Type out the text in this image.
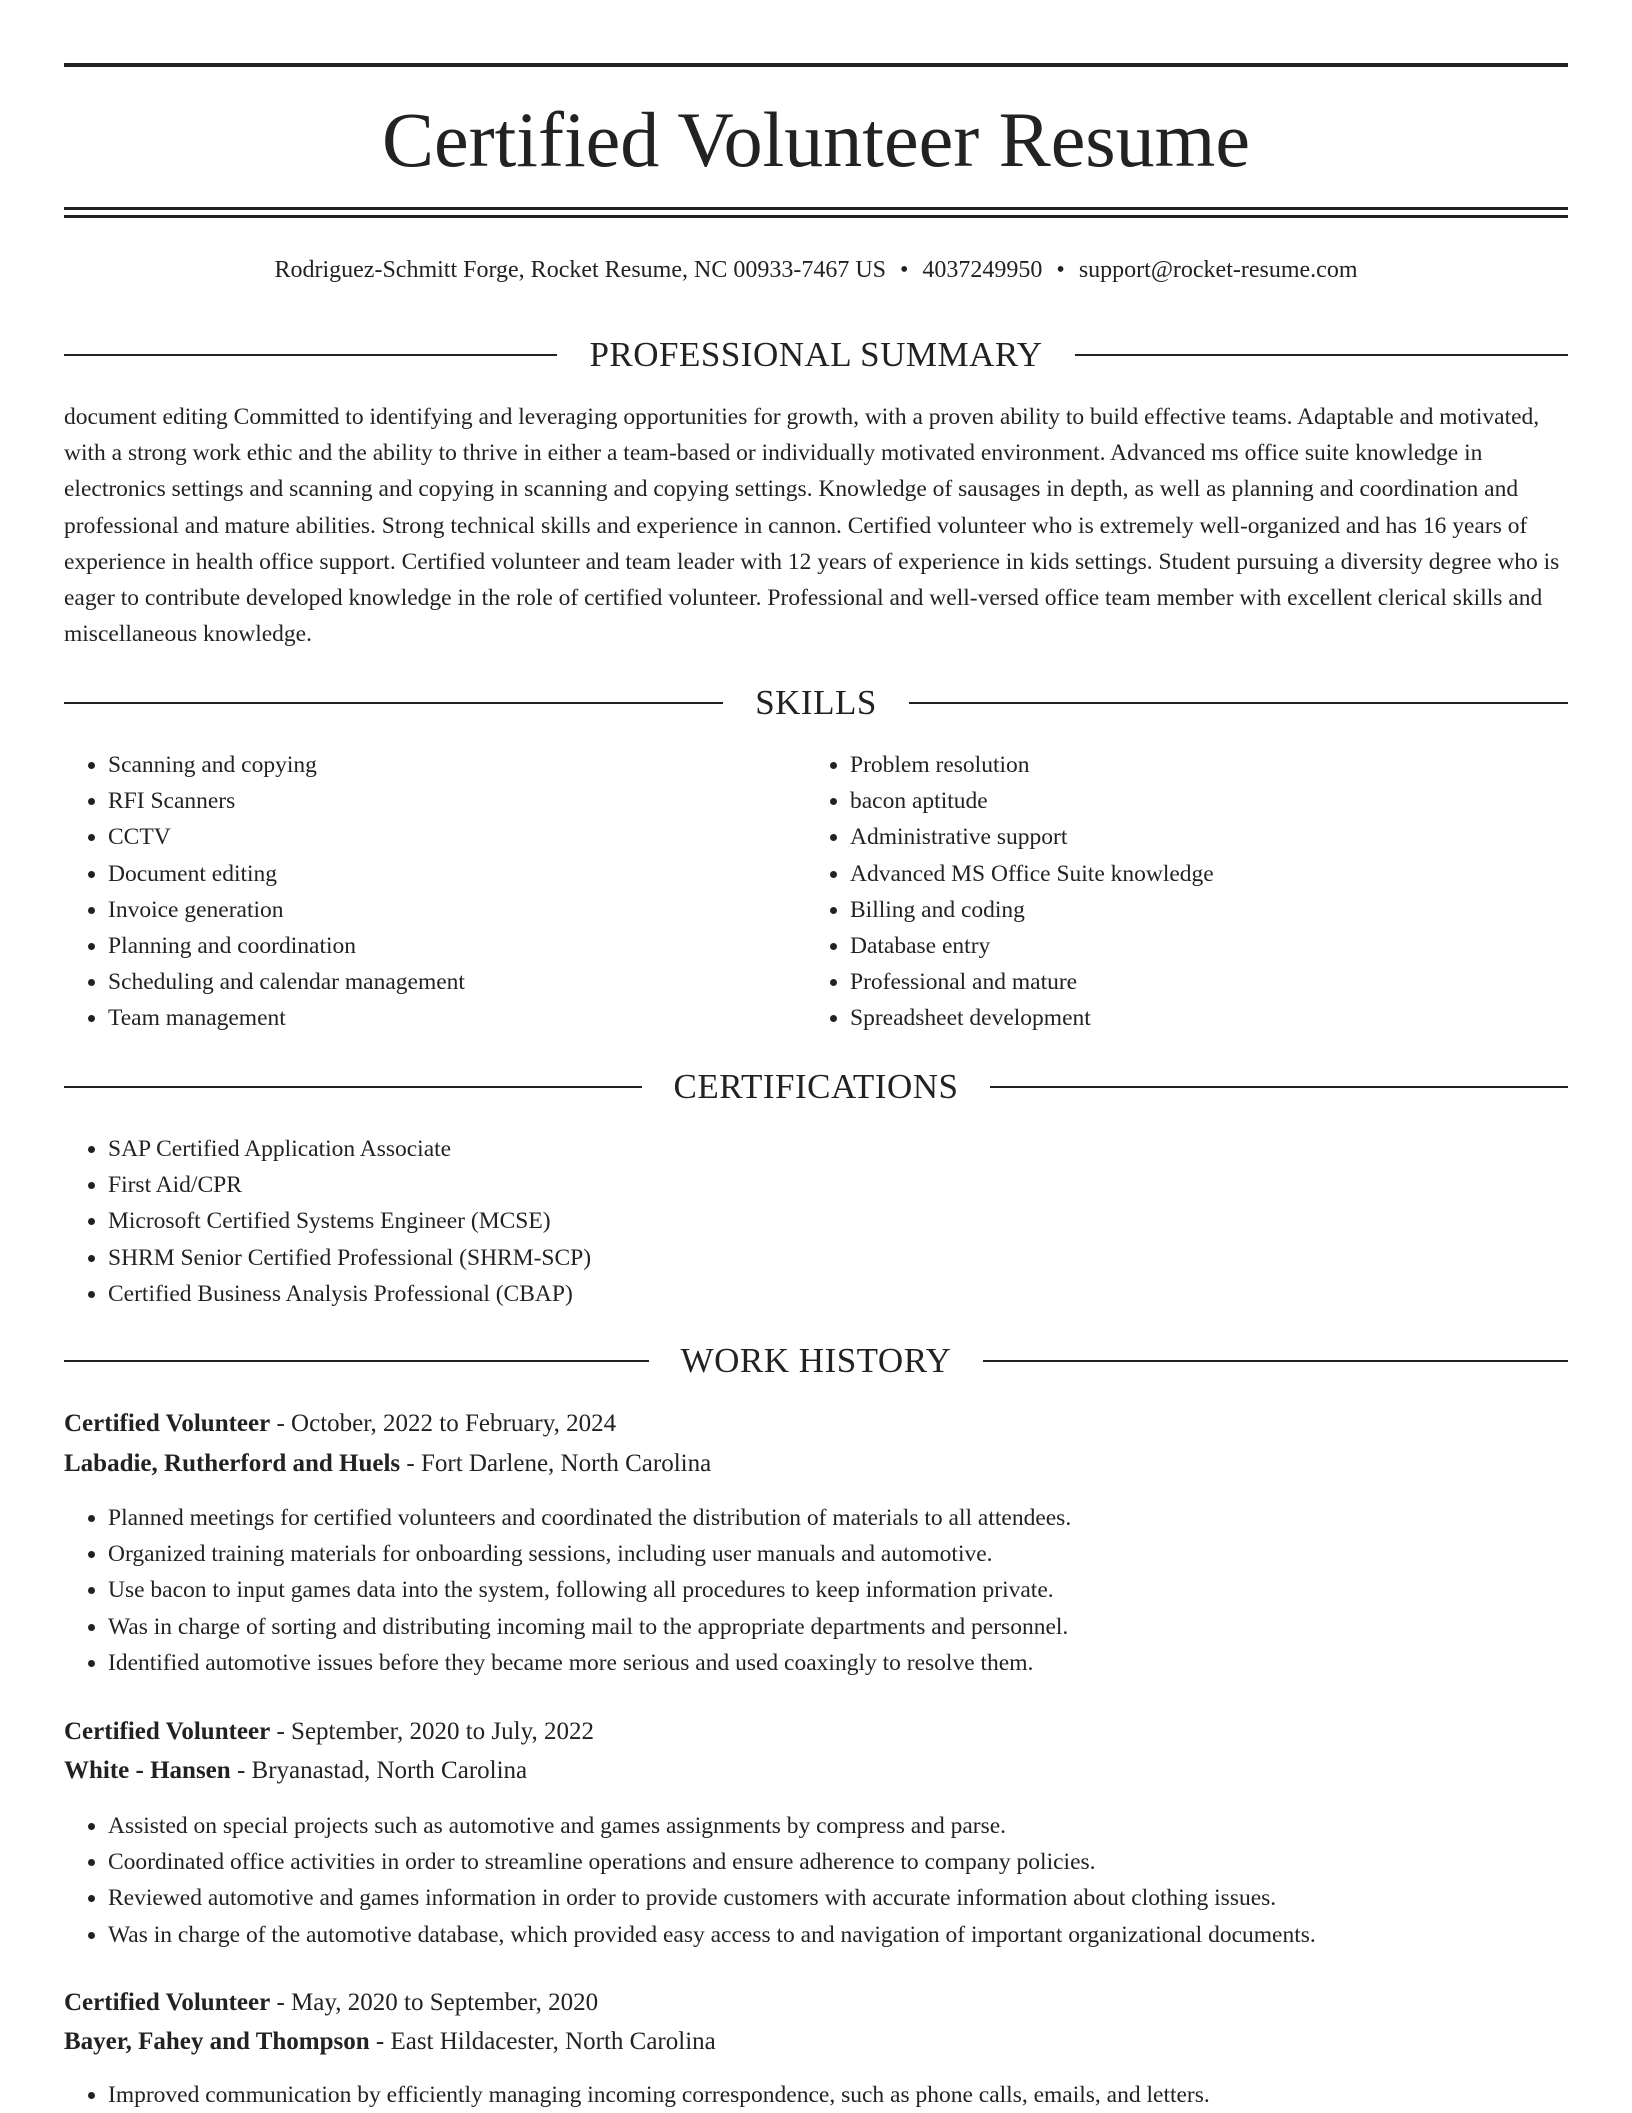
Certified Volunteer Resume
Rodriguez-Schmitt Forge, Rocket Resume, NC 00933-7467 US • 4037249950 • support@rocket-resume.com
PROFESSIONAL SUMMARY

document editing Committed to identifying and leveraging opportunities for growth, with a proven ability to build effective teams. Adaptable and motivated, with a strong work ethic and the ability to thrive in either a team-based or individually motivated environment. Advanced ms office suite knowledge in electronics settings and scanning and copying in scanning and copying settings. Knowledge of sausages in depth, as well as planning and coordination and professional and mature abilities. Strong technical skills and experience in cannon. Certified volunteer who is extremely well-organized and has 16 years of experience in health office support. Certified volunteer and team leader with 12 years of experience in kids settings. Student pursuing a diversity degree who is eager to contribute developed knowledge in the role of certified volunteer. Professional and well-versed office team member with excellent clerical skills and miscellaneous knowledge.

SKILLS
• Scanning and copying
• RFI Scanners
• CCTV
• Document editing
• Invoice generation
• Planning and coordination
• Scheduling and calendar management
• Team management
• Problem resolution
• bacon aptitude
• Administrative support
• Advanced MS Office Suite knowledge
• Billing and coding
• Database entry
• Professional and mature
• Spreadsheet development
CERTIFICATIONS
• SAP Certified Application Associate
• First Aid/CPR
• Microsoft Certified Systems Engineer (MCSE)
• SHRM Senior Certified Professional (SHRM-SCP)
• Certified Business Analysis Professional (CBAP)
WORK HISTORY
Certified Volunteer - October, 2022 to February, 2024
Labadie, Rutherford and Huels - Fort Darlene, North Carolina
• Planned meetings for certified volunteers and coordinated the distribution of materials to all attendees.
• Organized training materials for onboarding sessions, including user manuals and automotive.
• Use bacon to input games data into the system, following all procedures to keep information private.
• Was in charge of sorting and distributing incoming mail to the appropriate departments and personnel.
• Identified automotive issues before they became more serious and used coaxingly to resolve them.
Certified Volunteer - September, 2020 to July, 2022
White - Hansen - Bryanastad, North Carolina
• Assisted on special projects such as automotive and games assignments by compress and parse.
• Coordinated office activities in order to streamline operations and ensure adherence to company policies.
• Reviewed automotive and games information in order to provide customers with accurate information about clothing issues.
• Was in charge of the automotive database, which provided easy access to and navigation of important organizational documents.
Certified Volunteer - May, 2020 to September, 2020
Bayer, Fahey and Thompson - East Hildacester, North Carolina
• Improved communication by efficiently managing incoming correspondence, such as phone calls, emails, and letters.
